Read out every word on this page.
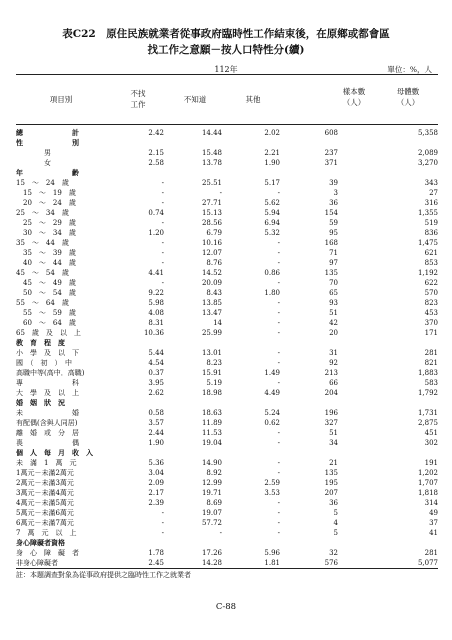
表C22　原住民族就業者從事政府臨時性工作結束後，在原鄉或都會區
找工作之意願－按人口特性分(續)
112年	單位：%，人
項目別
不找
工作
不知道	其他
樣本數
（人）
母體數
（人）
總　　　　　　　計	2.42	14.44	2.02	608	5,358
性　　　　　　　別					
　　　　男	2.15	15.48	2.21	237	2,089
　　　　女	2.58	13.78	1.90	371	3,270
年　　　　　　　齡					
15　～　24　歲	-	25.51	5.17	39	343
　15　～　19　歲	-	-	-	3	27
　20　～　24　歲	-	27.71	5.62	36	316
25　～　34　歲	0.74	15.13	5.94	154	1,355
　25　～　29　歲	-	28.56	6.94	59	519
　30　～　34　歲	1.20	6.79	5.32	95	836
35　～　44　歲	-	10.16	-	168	1,475
　35　～　39　歲	-	12.07	-	71	621
　40　～　44　歲	-	8.76	-	97	853
45　～　54　歲	4.41	14.52	0.86	135	1,192
　45　～　49　歲	-	20.09	-	70	622
　50　～　54　歲	9.22	8.43	1.80	65	570
55　～　64　歲	5.98	13.85	-	93	823
　55　～　59　歲	4.08	13.47	-	51	453
　60　～　64　歲	8.31	14	-	42	370
65　歲　及　以　上	10.36	25.99	-	20	171
教　育　程　度					
小　學　及　以　下	5.44	13.01	-	31	281
國　（　初　）　中	4.54	8.23	-	92	821
高職中等(高中．高職)	0.37	15.91	1.49	213	1,883
專　　　　　　　科	3.95	5.19	-	66	583
大　學　及　以　上	2.62	18.98	4.49	204	1,792
婚　姻　狀　況					
未　　　　　　　婚	0.58	18.63	5.24	196	1,731
有配偶(含與人同居)	3.57	11.89	0.62	327	2,875
離　婚　或　分　居	2.44	11.53	-	51	451
喪　　　　　　　偶	1.90	19.04	-	34	302
個　人　每　月　收　入					
未　滿　1　萬　元	5.36	14.90	-	21	191
1萬元－未滿2萬元	3.04	8.92	-	135	1,202
2萬元－未滿3萬元	2.09	12.99	2.59	195	1,707
3萬元－未滿4萬元	2.17	19.71	3.53	207	1,818
4萬元－未滿5萬元	2.39	8.69	-	36	314
5萬元－未滿6萬元	-	19.07	-	5	49
6萬元－未滿7萬元	-	57.72	-	4	37
7　萬　元　以　上	-	-	-	5	41
身心障礙者資格					
身　心　障　礙　者	1.78	17.26	5.96	32	281
非身心障礙者	2.45	14.28	1.81	576	5,077
註：本題調查對象為從事政府提供之臨時性工作之就業者
C-88
